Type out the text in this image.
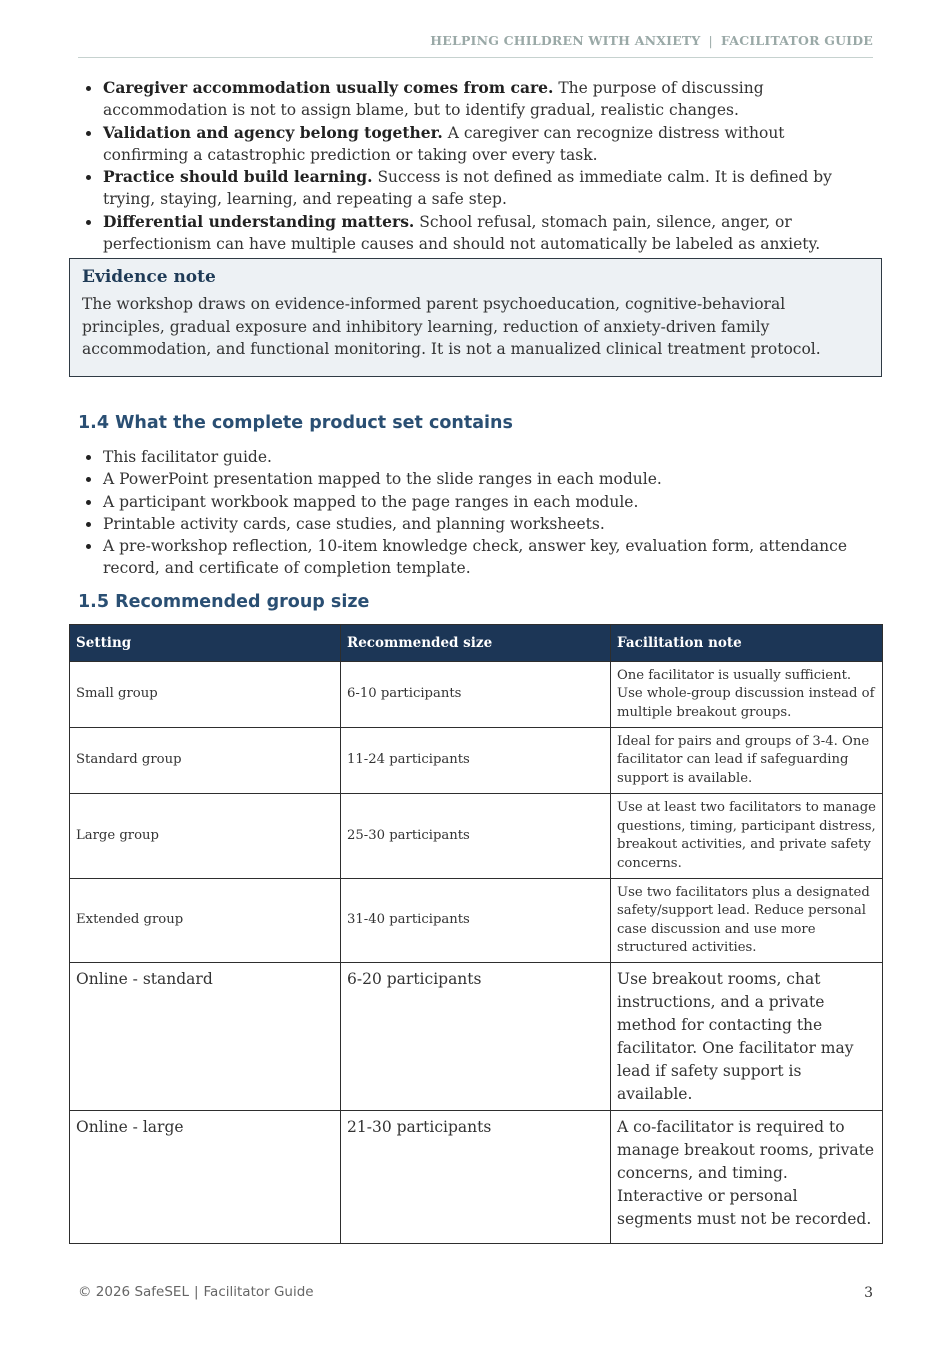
HELPING CHILDREN WITH ANXIETY | FACILITATOR GUIDE
Caregiver accommodation usually comes from care. The purpose of discussing accommodation is not to assign blame, but to identify gradual, realistic changes.
Validation and agency belong together. A caregiver can recognize distress without confirming a catastrophic prediction or taking over every task.
Practice should build learning. Success is not defined as immediate calm. It is defined by trying, staying, learning, and repeating a safe step.
Differential understanding matters. School refusal, stomach pain, silence, anger, or perfectionism can have multiple causes and should not automatically be labeled as anxiety.
Evidence note

The workshop draws on evidence-informed parent psychoeducation, cognitive-behavioral principles, gradual exposure and inhibitory learning, reduction of anxiety-driven family accommodation, and functional monitoring. It is not a manualized clinical treatment protocol.

1.4 What the complete product set contains
This facilitator guide.
A PowerPoint presentation mapped to the slide ranges in each module.
A participant workbook mapped to the page ranges in each module.
Printable activity cards, case studies, and planning worksheets.
A pre-workshop reflection, 10-item knowledge check, answer key, evaluation form, attendance record, and certificate of completion template.
1.5 Recommended group size
Setting	Recommended size	Facilitation note
Small group	6-10 participants	One facilitator is usually sufficient. Use whole-group discussion instead of multiple breakout groups.
Standard group	11-24 participants	Ideal for pairs and groups of 3-4. One facilitator can lead if safeguarding support is available.
Large group	25-30 participants	Use at least two facilitators to manage questions, timing, participant distress, breakout activities, and private safety concerns.
Extended group	31-40 participants	Use two facilitators plus a designated safety/support lead. Reduce personal case discussion and use more structured activities.
Online - standard	6-20 participants	Use breakout rooms, chat instructions, and a private method for contacting the facilitator. One facilitator may lead if safety support is available.
Online - large	21-30 participants	A co-facilitator is required to manage breakout rooms, private concerns, and timing. Interactive or personal segments must not be recorded.
© 2026 SafeSEL | Facilitator Guide	3
